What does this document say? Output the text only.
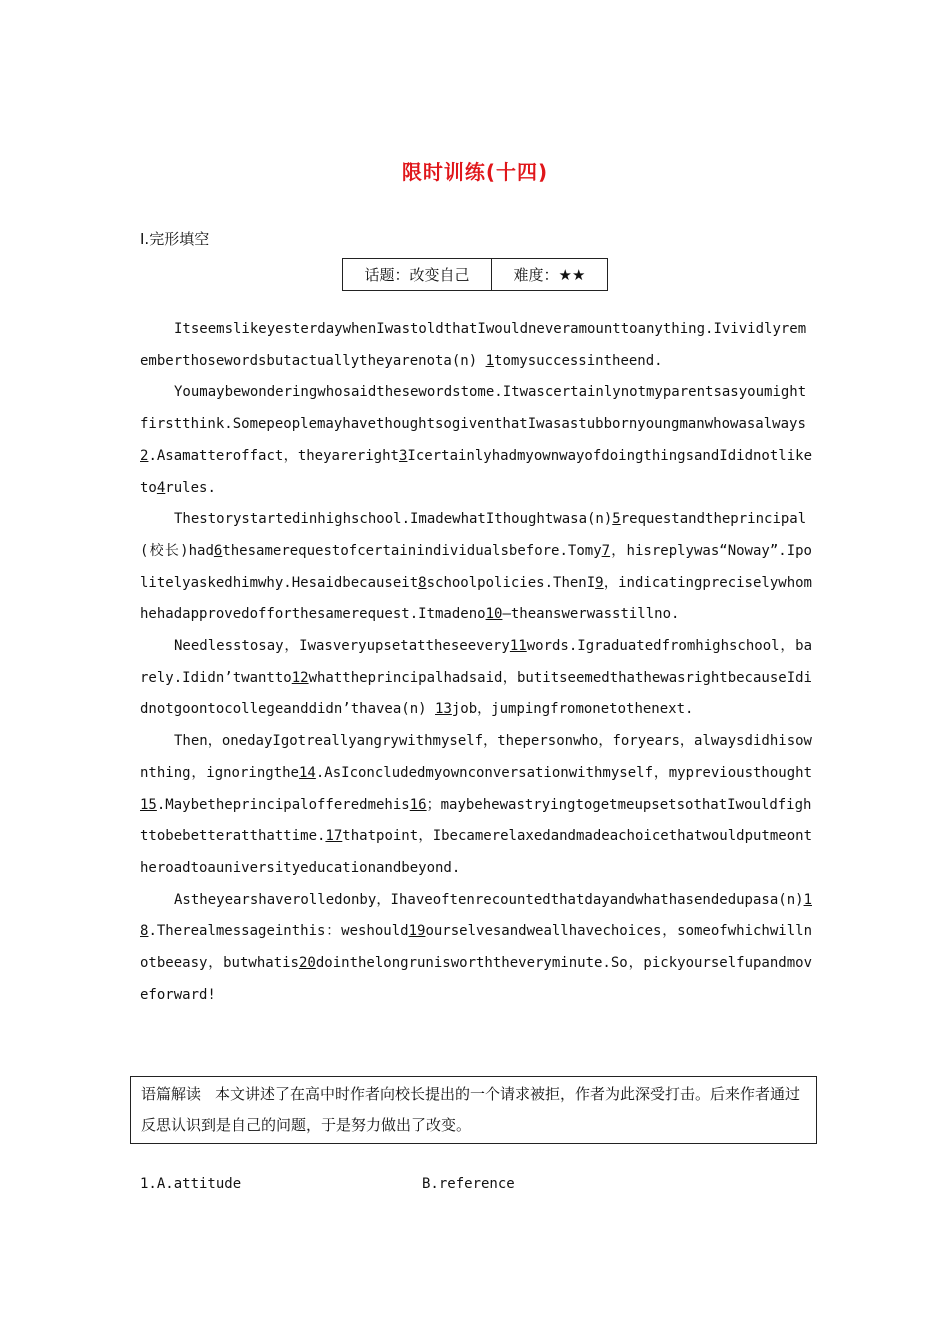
限时训练(十四)
Ⅰ.完形填空
话题：改变自己	难度：★★

ItseemslikeyesterdaywhenIwastoldthatIwouldneveramounttoanything.Ivividlyrememberthosewordsbutactuallytheyarenota(n) 1tomysuccessintheend.

Youmaybewonderingwhosaidthesewordstome.Itwascertainlynotmyparentsasyoumightfirstthink.SomepeoplemayhavethoughtsogiventhatIwasastubbornyoungmanwhowasalways2.Asamatteroffact，theyareright3IcertainlyhadmyownwayofdoingthingsandIdidnotliketo4rules.

Thestorystartedinhighschool.ImadewhatIthoughtwasa(n)5requestandtheprincipal(校长)had6thesamerequestofcertainindividualsbefore.Tomy7，hisreplywas“Noway”.Ipolitelyaskedhimwhy.Hesaidbecauseit8schoolpolicies.ThenI9，indicatingpreciselywhomhehadapprovedofforthesamerequest.Itmadeno10—theanswerwasstillno.

Needlesstosay，Iwasveryupsetattheseevery11words.Igraduatedfromhighschool，barely.Ididn’twantto12whattheprincipalhadsaid，butitseemedthathewasrightbecauseIdidnotgoontocollegeanddidn’thavea(n) 13job，jumpingfromonetothenext.

Then，onedayIgotreallyangrywithmyself，thepersonwho，foryears，alwaysdidhisownthing，ignoringthe14.AsIconcludedmyownconversationwithmyself，mypreviousthought15.Maybetheprincipalofferedmehis16；maybehewastryingtogetmeupsetsothatIwouldfighttobebetteratthattime.17thatpoint，Ibecamerelaxedandmadeachoicethatwouldputmeontheroadtoauniversityeducationandbeyond.

Astheyearshaverolledonby，Ihaveoftenrecountedthatdayandwhathasendedupasa(n)18.Therealmessageinthis：weshould19ourselvesandweallhavechoices，someofwhichwillnotbeeasy，butwhatis20dointhelongrunisworththeveryminute.So，pickyourselfupandmoveforward!

语篇解读 本文讲述了在高中时作者向校长提出的一个请求被拒，作者为此深受打击。后来作者通过反思认识到是自己的问题，于是努力做出了改变。
1.A.attitude	B.reference
